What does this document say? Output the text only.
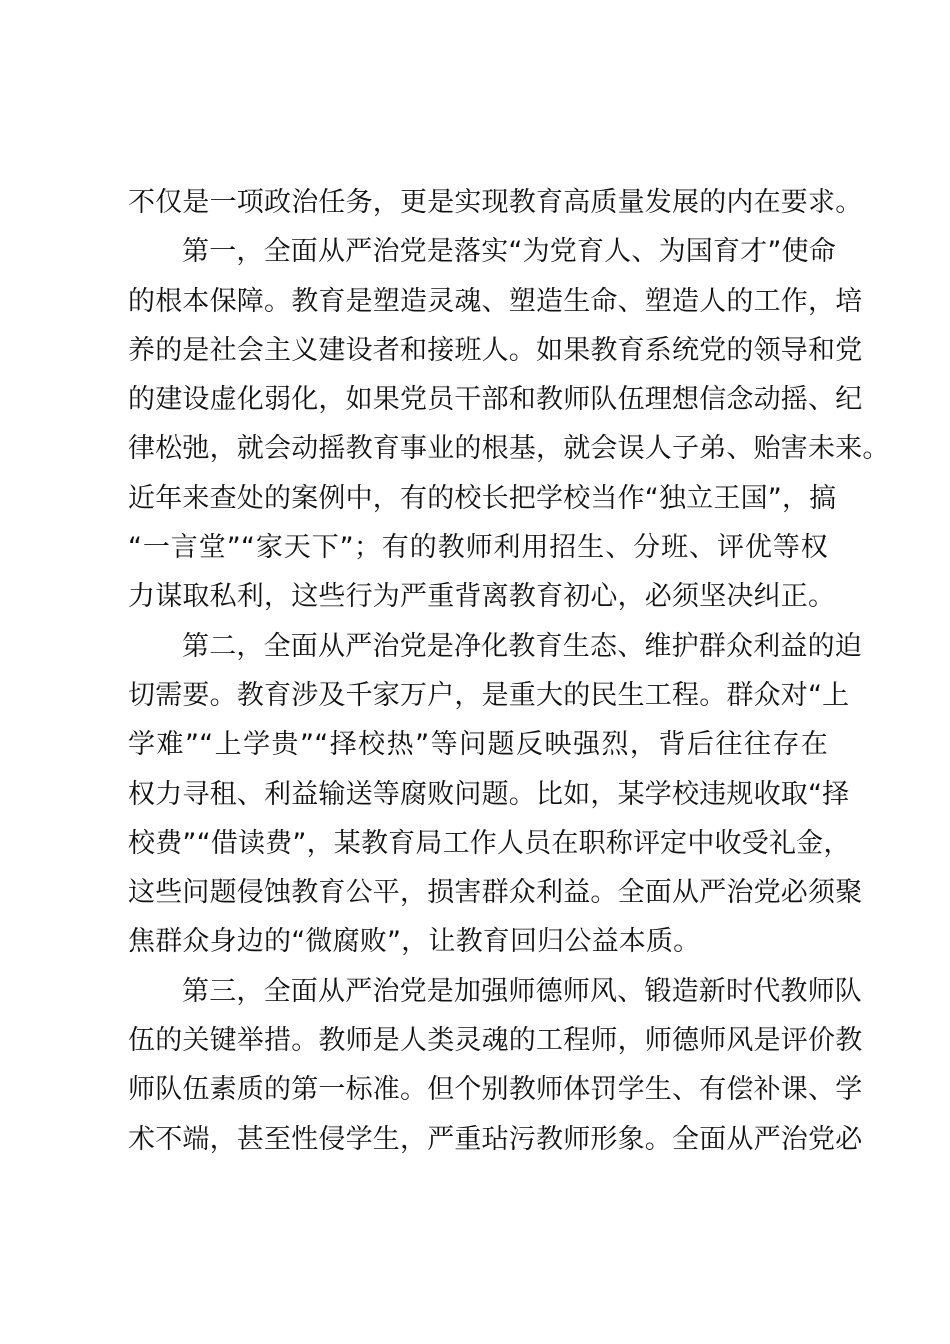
不仅是一项政治任务，更是实现教育高质量发展的内在要求。
第一，全面从严治党是落实“为党育人、为国育才”使命
的根本保障。教育是塑造灵魂、塑造生命、塑造人的工作，培
养的是社会主义建设者和接班人。如果教育系统党的领导和党
的建设虚化弱化，如果党员干部和教师队伍理想信念动摇、纪
律松弛，就会动摇教育事业的根基，就会误人子弟、贻害未来。
近年来查处的案例中，有的校长把学校当作“独立王国”，搞
“一言堂”“家天下”；有的教师利用招生、分班、评优等权
力谋取私利，这些行为严重背离教育初心，必须坚决纠正。
第二，全面从严治党是净化教育生态、维护群众利益的迫
切需要。教育涉及千家万户，是重大的民生工程。群众对“上
学难”“上学贵”“择校热”等问题反映强烈，背后往往存在
权力寻租、利益输送等腐败问题。比如，某学校违规收取“择
校费”“借读费”，某教育局工作人员在职称评定中收受礼金，
这些问题侵蚀教育公平，损害群众利益。全面从严治党必须聚
焦群众身边的“微腐败”，让教育回归公益本质。
第三，全面从严治党是加强师德师风、锻造新时代教师队
伍的关键举措。教师是人类灵魂的工程师，师德师风是评价教
师队伍素质的第一标准。但个别教师体罚学生、有偿补课、学
术不端，甚至性侵学生，严重玷污教师形象。全面从严治党必
